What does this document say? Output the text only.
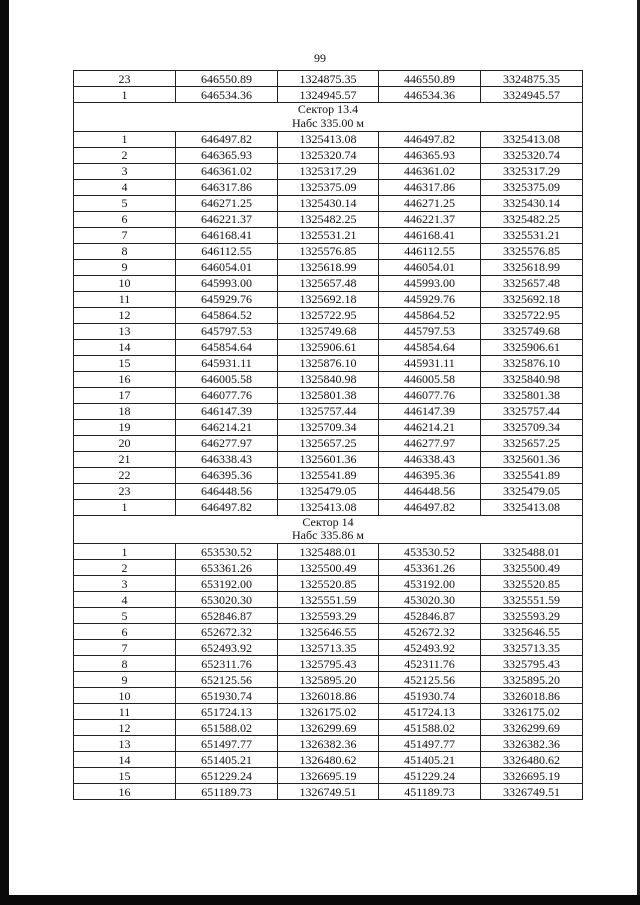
99
23	646550.89	1324875.35	446550.89	3324875.35
1	646534.36	1324945.57	446534.36	3324945.57

Сектор 13.4
Набс 335.00 м				

1	646497.82	1325413.08	446497.82	3325413.08
2	646365.93	1325320.74	446365.93	3325320.74
3	646361.02	1325317.29	446361.02	3325317.29
4	646317.86	1325375.09	446317.86	3325375.09
5	646271.25	1325430.14	446271.25	3325430.14
6	646221.37	1325482.25	446221.37	3325482.25
7	646168.41	1325531.21	446168.41	3325531.21
8	646112.55	1325576.85	446112.55	3325576.85
9	646054.01	1325618.99	446054.01	3325618.99
10	645993.00	1325657.48	445993.00	3325657.48
11	645929.76	1325692.18	445929.76	3325692.18
12	645864.52	1325722.95	445864.52	3325722.95
13	645797.53	1325749.68	445797.53	3325749.68
14	645854.64	1325906.61	445854.64	3325906.61
15	645931.11	1325876.10	445931.11	3325876.10
16	646005.58	1325840.98	446005.58	3325840.98
17	646077.76	1325801.38	446077.76	3325801.38
18	646147.39	1325757.44	446147.39	3325757.44
19	646214.21	1325709.34	446214.21	3325709.34
20	646277.97	1325657.25	446277.97	3325657.25
21	646338.43	1325601.36	446338.43	3325601.36
22	646395.36	1325541.89	446395.36	3325541.89
23	646448.56	1325479.05	446448.56	3325479.05
1	646497.82	1325413.08	446497.82	3325413.08

Сектор 14
Набс 335.86 м				

1	653530.52	1325488.01	453530.52	3325488.01
2	653361.26	1325500.49	453361.26	3325500.49
3	653192.00	1325520.85	453192.00	3325520.85
4	653020.30	1325551.59	453020.30	3325551.59
5	652846.87	1325593.29	452846.87	3325593.29
6	652672.32	1325646.55	452672.32	3325646.55
7	652493.92	1325713.35	452493.92	3325713.35
8	652311.76	1325795.43	452311.76	3325795.43
9	652125.56	1325895.20	452125.56	3325895.20
10	651930.74	1326018.86	451930.74	3326018.86
11	651724.13	1326175.02	451724.13	3326175.02
12	651588.02	1326299.69	451588.02	3326299.69
13	651497.77	1326382.36	451497.77	3326382.36
14	651405.21	1326480.62	451405.21	3326480.62
15	651229.24	1326695.19	451229.24	3326695.19
16	651189.73	1326749.51	451189.73	3326749.51
